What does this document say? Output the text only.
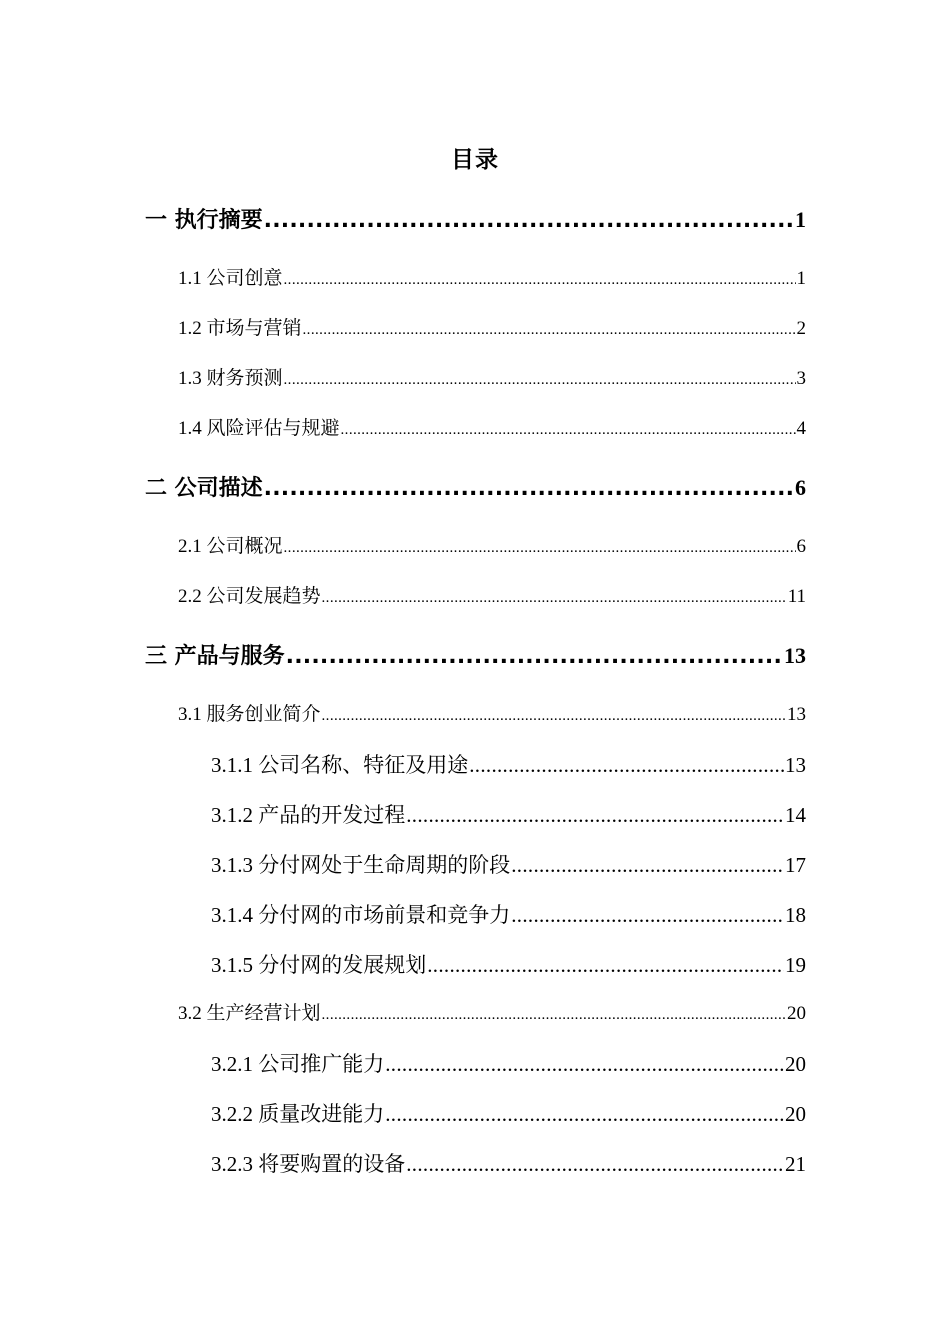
目录
一 执行摘要 .....	1
1.1 公司创意 .....	1
1.2 市场与营销 .....	2
1.3 财务预测 .....	3
1.4 风险评估与规避 .....	4
二 公司描述 .....	6
2.1 公司概况 .....	6
2.2 公司发展趋势 .....	11
三 产品与服务 .....	13
3.1 服务创业简介 .....	13
3.1.1 公司名称、特征及用途 .....	13
3.1.2 产品的开发过程 .....	14
3.1.3 分付网处于生命周期的阶段 .....	17
3.1.4 分付网的市场前景和竞争力 .....	18
3.1.5 分付网的发展规划 .....	19
3.2 生产经营计划 .....	20
3.2.1 公司推广能力 .....	20
3.2.2 质量改进能力 .....	20
3.2.3 将要购置的设备 .....	21
